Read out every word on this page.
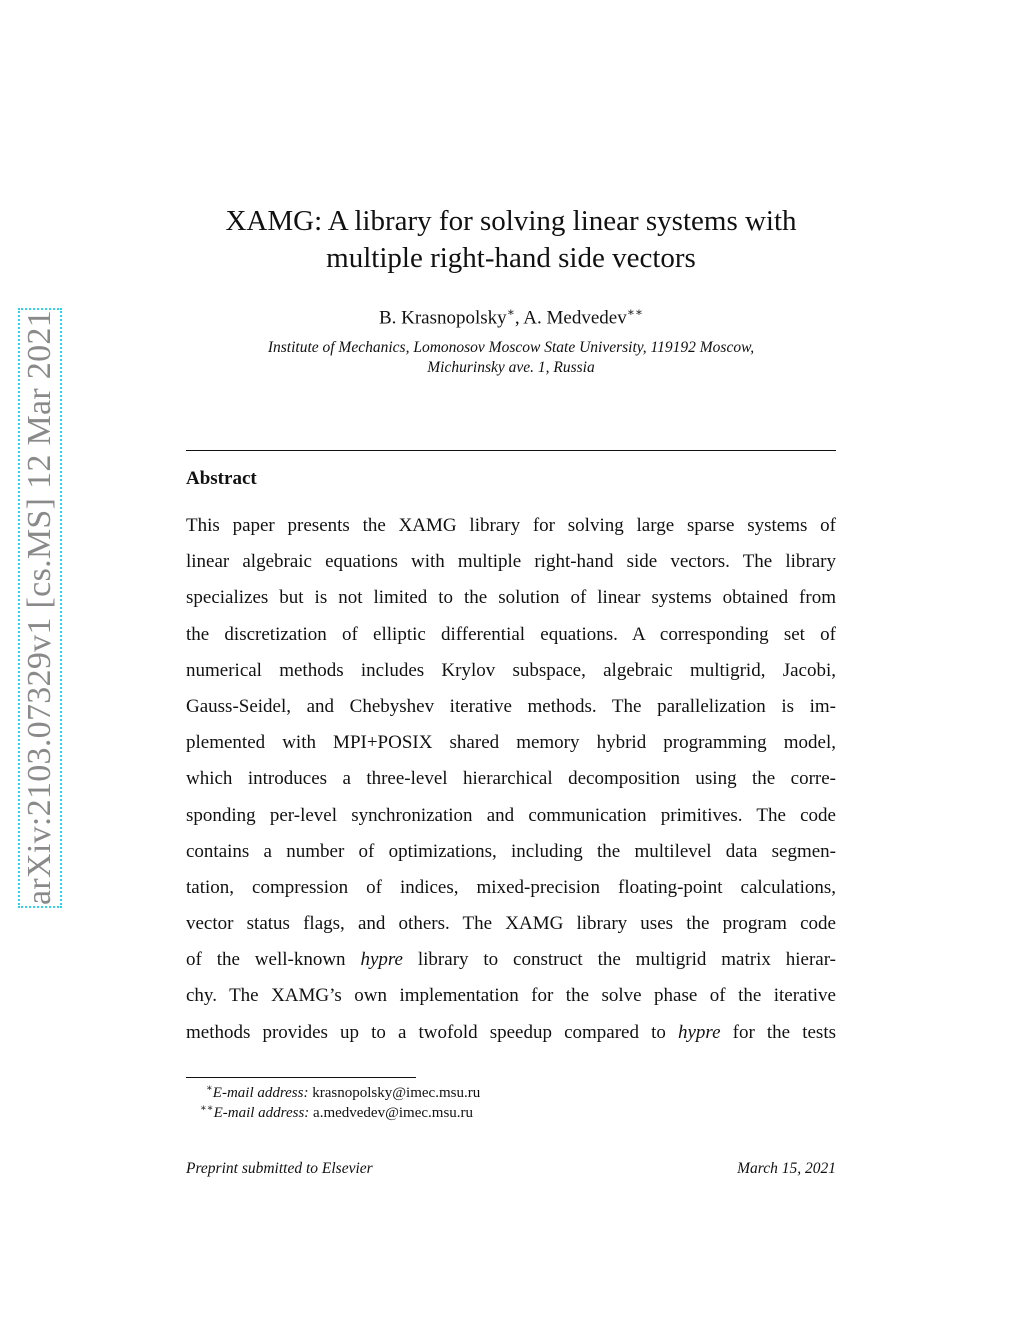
arXiv:2103.07329v1 [cs.MS] 12 Mar 2021
XAMG: A library for solving linear systems with
multiple right-hand side vectors
B. Krasnopolsky∗, A. Medvedev∗∗
Institute of Mechanics, Lomonosov Moscow State University, 119192 Moscow,
Michurinsky ave. 1, Russia
Abstract
This paper presents the XAMG library for solving large sparse systems of
linear algebraic equations with multiple right-hand side vectors. The library
specializes but is not limited to the solution of linear systems obtained from
the discretization of elliptic differential equations. A corresponding set of
numerical methods includes Krylov subspace, algebraic multigrid, Jacobi,
Gauss-Seidel, and Chebyshev iterative methods. The parallelization is im-
plemented with MPI+POSIX shared memory hybrid programming model,
which introduces a three-level hierarchical decomposition using the corre-
sponding per-level synchronization and communication primitives. The code
contains a number of optimizations, including the multilevel data segmen-
tation, compression of indices, mixed-precision floating-point calculations,
vector status flags, and others. The XAMG library uses the program code
of the well-known hypre library to construct the multigrid matrix hierar-
chy. The XAMG’s own implementation for the solve phase of the iterative
methods provides up to a twofold speedup compared to hypre for the tests
∗E-mail address: krasnopolsky@imec.msu.ru
∗∗E-mail address: a.medvedev@imec.msu.ru
Preprint submitted to Elsevier	March 15, 2021
